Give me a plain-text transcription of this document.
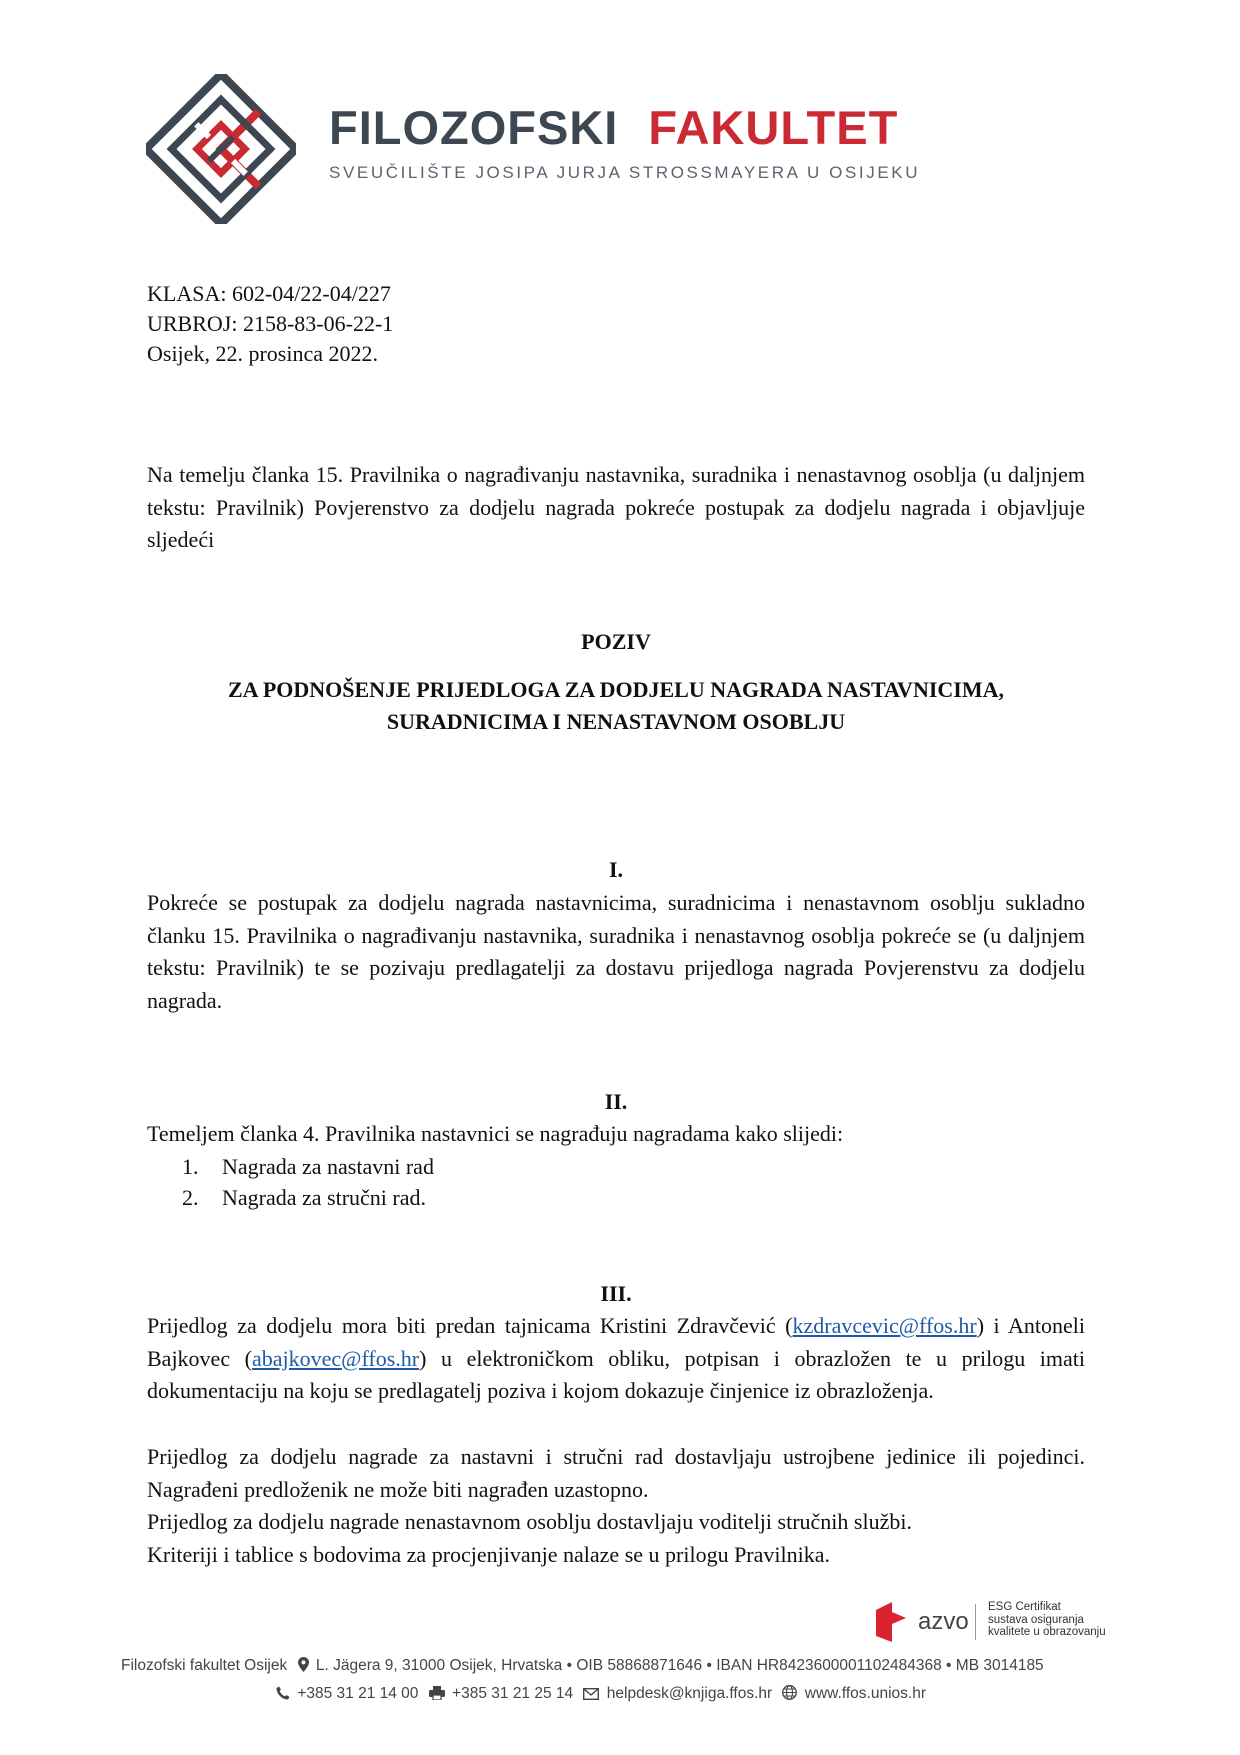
FILOZOFSKI FAKULTET
SVEUČILIŠTE JOSIPA JURJA STROSSMAYERA U OSIJEKU
KLASA: 602-04/22-04/227
URBROJ: 2158-83-06-22-1
Osijek, 22. prosinca 2022.
Na temelju članka 15. Pravilnika o nagrađivanju nastavnika, suradnika i nenastavnog osoblja (u daljnjem tekstu: Pravilnik) Povjerenstvo za dodjelu nagrada pokreće postupak za dodjelu nagrada i objavljuje sljedeći
POZIV
ZA PODNOŠENJE PRIJEDLOGA ZA DODJELU NAGRADA NASTAVNICIMA,
SURADNICIMA I NENASTAVNOM OSOBLJU
I.
Pokreće se postupak za dodjelu nagrada nastavnicima, suradnicima i nenastavnom osoblju sukladno članku 15. Pravilnika o nagrađivanju nastavnika, suradnika i nenastavnog osoblja pokreće se (u daljnjem tekstu: Pravilnik) te se pozivaju predlagatelji za dostavu prijedloga nagrada Povjerenstvu za dodjelu nagrada.
II.
Temeljem članka 4. Pravilnika nastavnici se nagrađuju nagradama kako slijedi:
1. Nagrada za nastavni rad
2. Nagrada za stručni rad.
III.
Prijedlog za dodjelu mora biti predan tajnicama Kristini Zdravčević (kzdravcevic@ffos.hr) i Antoneli Bajkovec (abajkovec@ffos.hr) u elektroničkom obliku, potpisan i obrazložen te u prilogu imati dokumentaciju na koju se predlagatelj poziva i kojom dokazuje činjenice iz obrazloženja.
Prijedlog za dodjelu nagrade za nastavni i stručni rad dostavljaju ustrojbene jedinice ili pojedinci. Nagrađeni predloženik ne može biti nagrađen uzastopno.
Prijedlog za dodjelu nagrade nenastavnom osoblju dostavljaju voditelji stručnih službi.
Kriteriji i tablice s bodovima za procjenjivanje nalaze se u prilogu Pravilnika.
azvo
ESG Certifikat
sustava osiguranja
kvalitete u obrazovanju
Filozofski fakultet Osijek L. Jägera 9, 31000 Osijek, Hrvatska • OIB 58868871646 • IBAN HR8423600001102484368 • MB 3014185
+385 31 21 14 00 +385 31 21 25 14 helpdesk@knjiga.ffos.hr www.ffos.unios.hr
